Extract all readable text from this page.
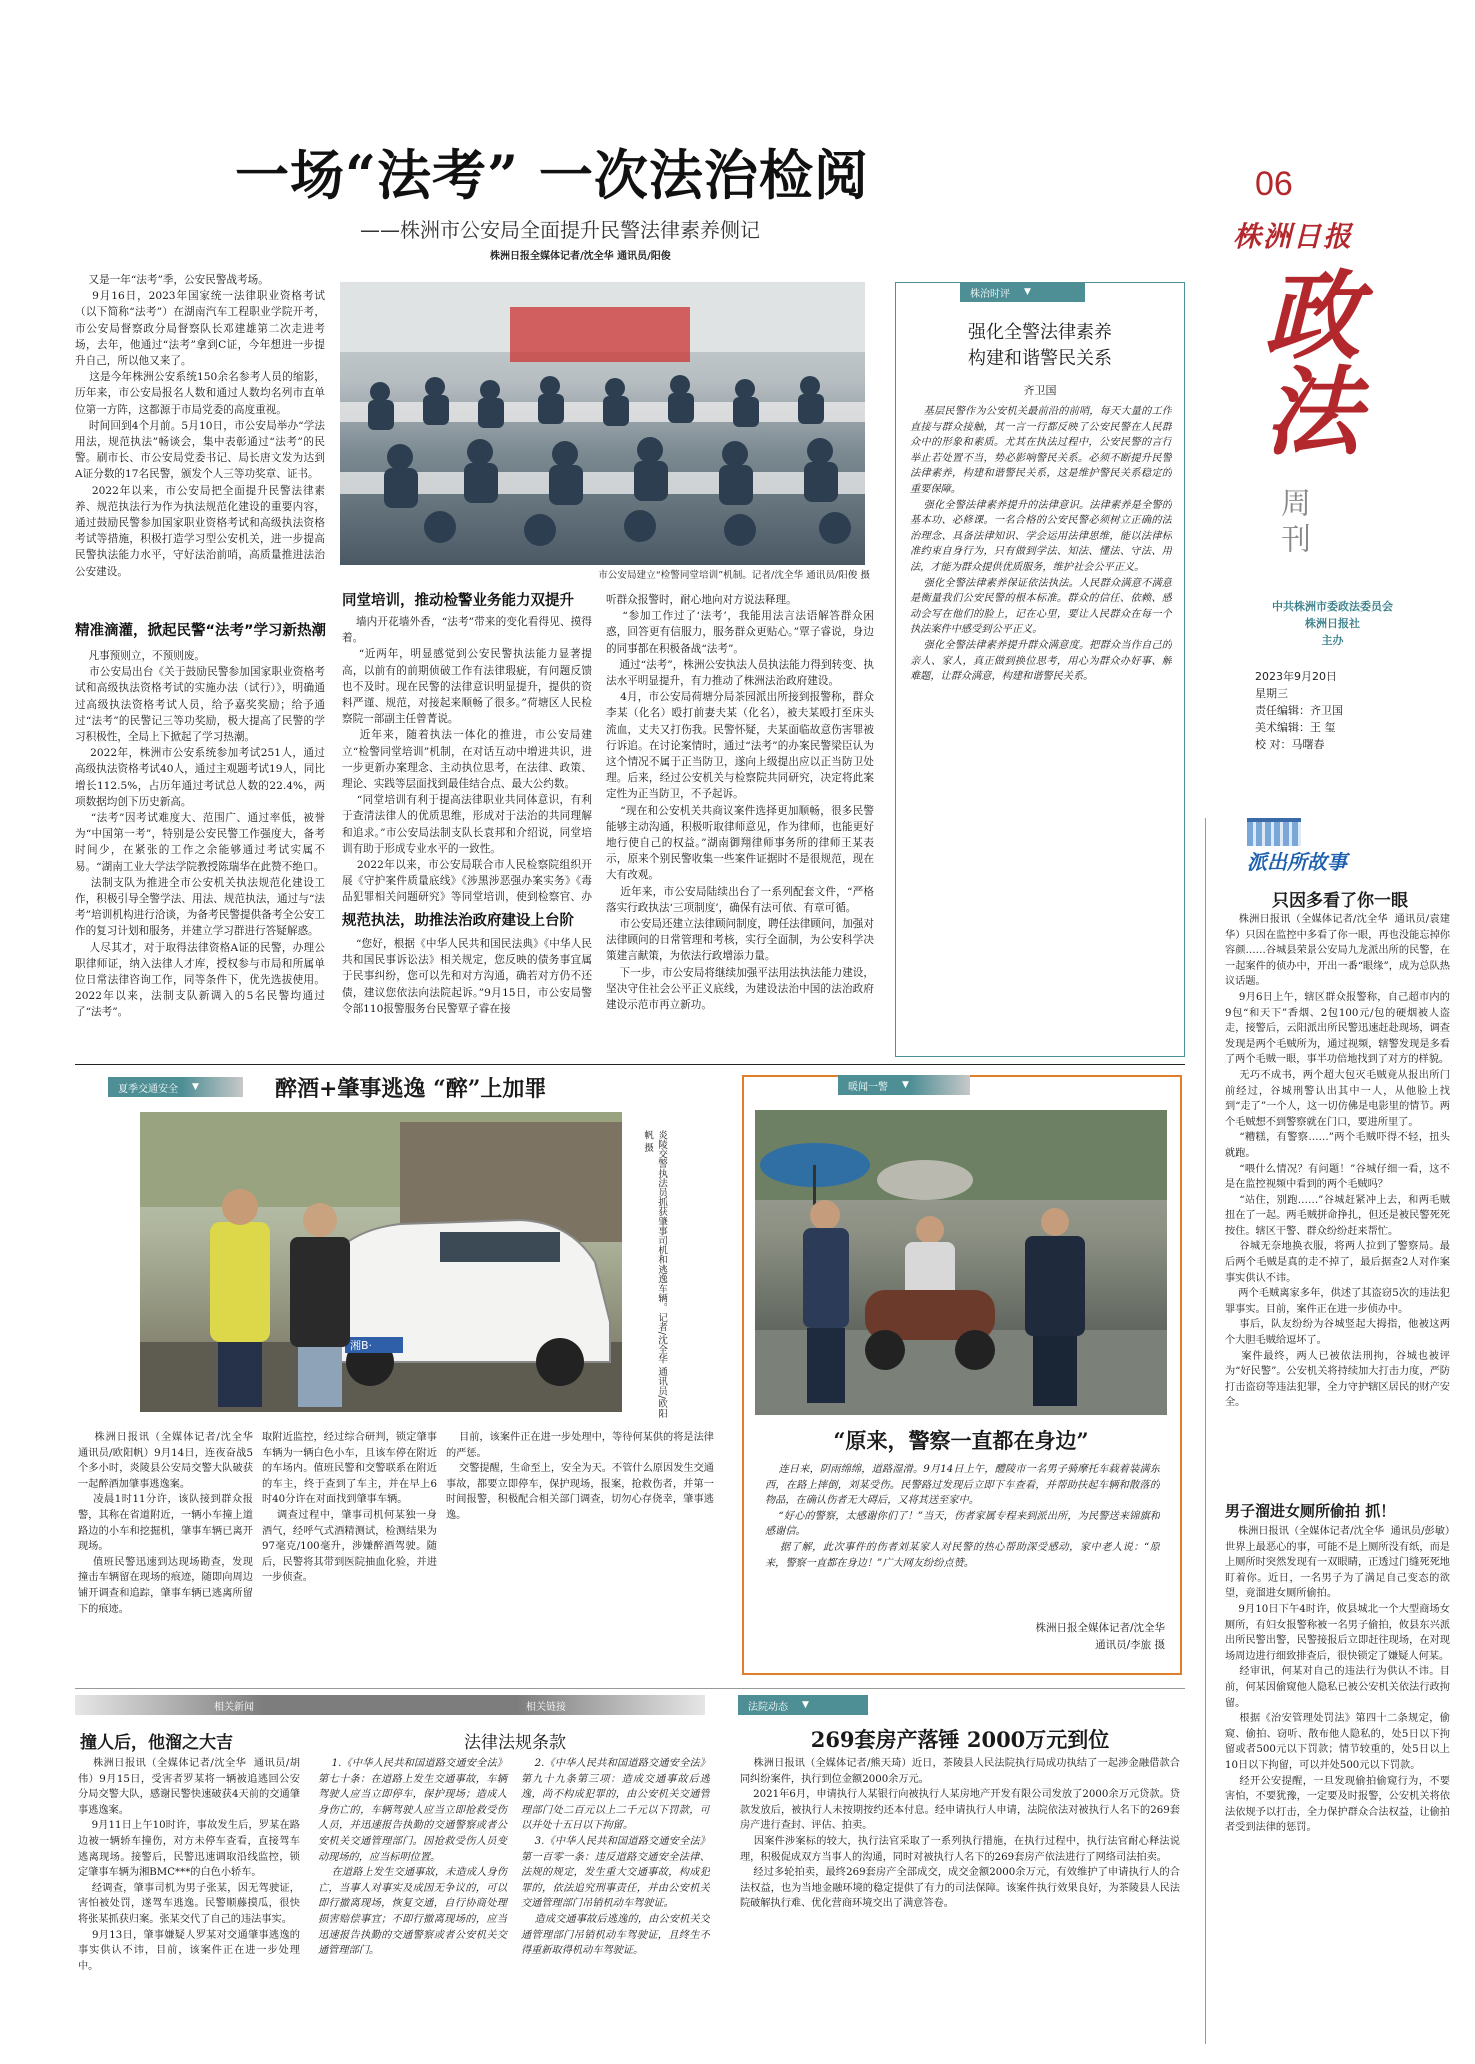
06
株洲日报
政法
周刊
中共株洲市委政法委员会
株洲日报社
主办
2023年9月20日
星期三
责任编辑：齐卫国
美术编辑：王 玺
校 对：马曙春
一场“法考” 一次法治检阅
——株洲市公安局全面提升民警法律素养侧记
株洲日报全媒体记者/沈全华 通讯员/阳俊
又是一年“法考”季，公安民警战考场。
9月16日，2023年国家统一法律职业资格考试（以下简称“法考”）在湖南汽车工程职业学院开考，市公安局督察政分局督察队长邓建雄第二次走进考场，去年，他通过“法考”拿到C证，今年想进一步提升自己，所以他又来了。
这是今年株洲公安系统150余名参考人员的缩影，历年来，市公安局报名人数和通过人数均名列市直单位第一方阵，这都源于市局党委的高度重视。
时间回到4个月前。5月10日，市公安局举办“学法用法，规范执法”畅谈会，集中表彰通过“法考”的民警。刷市长、市公安局党委书记、局长唐文发为达到A证分数的17名民警，颁发个人三等功奖章、证书。
2022年以来，市公安局把全面提升民警法律素养、规范执法行为作为执法规范化建设的重要内容，通过鼓励民警参加国家职业资格考试和高级执法资格考试等措施，积极打造学习型公安机关，进一步提高民警执法能力水平，守好法治前哨，高质量推进法治公安建设。
精准滴灌，掀起民警“法考”学习新热潮
凡事预则立，不预则废。
市公安局出台《关于鼓励民警参加国家职业资格考试和高级执法资格考试的实施办法（试行）》，明确通过高级执法资格考试人员，给予嘉奖奖励；给予通过“法考”的民警记三等功奖励，极大提高了民警的学习积极性，全局上下掀起了学习热潮。
2022年，株洲市公安系统参加考试251人，通过高级执法资格考试40人，通过主观题考试19人，同比增长112.5%，占历年通过考试总人数的22.4%，两项数据均创下历史新高。
“法考”因考试难度大、范围广、通过率低，被誉为“中国第一考”，特别是公安民警工作强度大，备考时间少，在紧张的工作之余能够通过考试实属不易。“湖南工业大学法学院教授陈瑞华在此赞不绝口。
法制支队为推进全市公安机关执法规范化建设工作，积极引导全警学法、用法、规范执法，通过与“法考”培训机构进行洽谈，为备考民警提供备考全公安工作的复习计划和服务，并建立学习群进行答疑解惑。
人尽其才，对于取得法律资格A证的民警，办理公职律师证，纳入法律人才库，授权参与市局和所属单位日常法律咨询工作，同等条件下，优先选拔使用。2022年以来，法制支队新调入的5名民警均通过了“法考”。
市公安局建立“检警同堂培训”机制。记者/沈全华 通讯员/阳俊 摄
同堂培训，推动检警业务能力双提升
墙内开花墙外香，“法考”带来的变化看得见、摸得着。
“近两年，明显感觉到公安民警执法能力显著提高，以前有的前期侦破工作有法律瑕疵，有问题反馈也不及时。现在民警的法律意识明显提升，提供的资料严谨、规范，对接起来顺畅了很多。”荷塘区人民检察院一部副主任曾菁说。
近年来，随着执法一体化的推进，市公安局建立“检警同堂培训”机制，在对话互动中增进共识，进一步更新办案理念、主动执位思考，在法律、政策、理论、实践等层面找到最佳结合点、最大公约数。
“同堂培训有利于提高法律职业共同体意识，有利于查清法律人的优质思维，形成对于法治的共同理解和追求。”市公安局法制支队长袁邦和介绍说，同堂培训有助于形成专业水平的一致性。
2022年以来，市公安局联合市人民检察院组织开展《守护案件质量底线》《涉黑涉恶强办案实务》《毒品犯罪相关问题研究》等同堂培训，使到检察官、办
规范执法，助推法治政府建设上台阶
“您好，根据《中华人民共和国民法典》《中华人民共和国民事诉讼法》相关规定，您反映的债务事宜属于民事纠纷，您可以先和对方沟通，确若对方仍不还债，建议您依法向法院起诉。”9月15日，市公安局警令部110报警服务台民警覃子睿在接
听群众报警时，耐心地向对方说法释理。
“参加工作过了‘法考’，我能用法言法语解答群众困惑，回答更有信服力，服务群众更贴心。”覃子睿说，身边的同事都在积极备战“法考”。
通过“法考”，株洲公安执法人员执法能力得到转变、执法水平明显提升，有力推动了株洲法治政府建设。
4月，市公安局荷塘分局茶园派出所接到报警称，群众李某（化名）殴打前妻夫某（化名），被夫某殴打至床头流血，丈夫又打伤我。民警怀疑，夫某面临故意伤害罪被行诉追。在讨论案情时，通过“法考”的办案民警梁臣认为这个情况不属于正当防卫，遂向上级提出应以正当防卫处理。后来，经过公安机关与检察院共同研究，决定将此案定性为正当防卫，不予起诉。
“现在和公安机关共商议案件选择更加顺畅，很多民警能够主动沟通，积极听取律师意见，作为律师，也能更好地行使自己的权益。”湖南御翔律师事务所的律师王某表示，原来个别民警收集一些案件证据时不是很规范，现在大有改观。
近年来，市公安局陆续出台了一系列配套文件，“严格落实行政执法‘三项制度’，确保有法可依、有章可循。
市公安局还建立法律顾问制度，聘任法律顾问，加强对法律顾问的日常管理和考核，实行全面制，为公安科学决策建言献策，为依法行政增添力量。
下一步，市公安局将继续加强平法用法执法能力建设，坚决守住社会公平正义底线，为建设法治中国的法治政府建设示范市再立新功。
株治时评 ▼
强化全警法律素养
构建和谐警民关系
齐卫国
基层民警作为公安机关最前沿的前哨，每天大量的工作直接与群众接触，其一言一行都反映了公安民警在人民群众中的形象和素质。尤其在执法过程中，公安民警的言行举止若处置不当，势必影响警民关系。必须不断提升民警法律素养，构建和谐警民关系，这是维护警民关系稳定的重要保障。
强化全警法律素养提升的法律意识。法律素养是全警的基本功、必修课。一名合格的公安民警必须树立正确的法治理念、具备法律知识、学会运用法律思维，能以法律标准约束自身行为，只有做到学法、知法、懂法、守法、用法，才能为群众提供优质服务，维护社会公平正义。
强化全警法律素养保证依法执法。人民群众满意不满意是衡量我们公安民警的根本标准。群众的信任、依赖、感动会写在他们的脸上，记在心里，要让人民群众在每一个执法案件中感受到公平正义。
强化全警法律素养提升群众满意度。把群众当作自己的亲人、家人，真正做到换位思考，用心为群众办好事、解难题，让群众满意，构建和谐警民关系。
派出所故事
只因多看了你一眼
株洲日报讯（全媒体记者/沈全华  通讯员/袁建华）只因在监控中多看了你一眼，再也没能忘掉你容颜……谷城县荣景公安局九龙派出所的民警，在一起案件的侦办中，开出一番“眼缘”，成为总队热议话题。
9月6日上午，辖区群众报警称，自己超市内的9包“和天下”香烟、2包100元/包的硬烟被人盗走，接警后，云阳派出所民警迅速赶赴现场，调查发现是两个毛贼所为，通过视频，辖警发现是多看了两个毛贼一眼，事半功倍地找到了对方的样貌。
无巧不成书，两个超大包灭毛贼竟从报出所门前经过，谷城刑警认出其中一人，从他脸上找到“走了”一个人，这一切仿佛是电影里的情节。两个毛贼想不到警察就在门口，要进所里了。
“糟糕，有警察……”两个毛贼吓得不轻，扭头就跑。
“喂什么情况？有问题！”谷城仔细一看，这不是在监控视频中看到的两个毛贼吗？
“站住，别跑……”谷城赶紧冲上去，和两毛贼扭在了一起。两毛贼拼命挣扎，但还是被民警死死按住。辖区干警、群众纷纷赶来帮忙。
谷城无奈地换衣服，将两人拉到了警察局。最后两个毛贼是真的走不掉了，最后据查2人对作案事实供认不讳。
两个毛贼离家多年，供述了其盗窃5次的违法犯罪事实。目前，案件正在进一步侦办中。
事后，队友纷纷为谷城竖起大拇指，他被这两个大胆毛贼给逗坏了。
案件最终，两人已被依法刑拘，谷城也被评为“好民警”。公安机关将持续加大打击力度，严防打击盗窃等违法犯罪，全力守护辖区居民的财产安全。
男子溜进女厕所偷拍 抓！
株洲日报讯（全媒体记者/沈全华  通讯员/彭敏）世界上最恶心的事，可能不是上厕所没有纸，而是上厕所时突然发现有一双眼睛，正透过门缝死死地盯着你。近日，一名男子为了满足自己变态的欲望，竟溜进女厕所偷拍。
9月10日下午4时许，攸县城北一个大型商场女厕所，有妇女报警称被一名男子偷拍，攸县东兴派出所民警出警，民警接报后立即赶往现场，在对现场周边进行细致排查后，很快锁定了嫌疑人何某。
经审讯，何某对自己的违法行为供认不讳。目前，何某因偷窥他人隐私已被公安机关依法行政拘留。
根据《治安管理处罚法》第四十二条规定，偷窥、偷拍、窃听、散布他人隐私的，处5日以下拘留或者500元以下罚款；情节较重的，处5日以上10日以下拘留，可以并处500元以下罚款。
经开公安提醒，一旦发现偷拍偷窥行为，不要害怕，不要犹豫，一定要及时报警，公安机关将依法依规予以打击，全力保护群众合法权益，让偷拍者受到法律的惩罚。
夏季交通安全 ▼	醉酒+肇事逃逸 “醉”上加罪
湘B·	炎陵交警执法员抓获肇事司机和逃逸车辆。记者/沈全华 通讯员/欧阳帆 摄
株洲日报讯（全媒体记者/沈全华  通讯员/欧阳帆）9月14日，连夜奋战5个多小时，炎陵县公安局交警大队破获一起醉酒加肇事逃逸案。
凌晨1时11分许，该队接到群众报警，其称在省道附近，一辆小车撞上道路边的小车和挖掘机，肇事车辆已离开现场。
值班民警迅速到达现场勘查，发现撞击车辆留在现场的痕迹，随即向周边铺开调查和追踪，肇事车辆已逃离所留下的痕迹。
取附近监控，经过综合研判，锁定肇事车辆为一辆白色小车，且该车停在附近的车场内。值班民警和交警联系在附近的车主，终于查到了车主，并在早上6时40分许在对面找到肇事车辆。
调查过程中，肇事司机何某独一身酒气，经呼气式酒精测试，检测结果为97毫克/100毫升，涉嫌醉酒驾驶。随后，民警将其带到医院抽血化验，并进一步侦查。
目前，该案件正在进一步处理中，等待何某供的将是法律的严惩。
交警提醒，生命至上，安全为天。不管什么原因发生交通事故，都要立即停车，保护现场，报案，抢救伤者，并第一时间报警，积极配合相关部门调查，切勿心存侥幸，肇事逃逸。
暖闻一警 ▼
“原来，警察一直都在身边”
连日来，阴雨绵绵，道路湿滑。9月14日上午，醴陵市一名男子骑摩托车载着装满东西，在路上摔倒，刘某受伤。民警路过发现后立即下车查看，并帮助扶起车辆和散落的物品，在确认伤者无大碍后，又将其送至家中。
“好心的警察，太感谢你们了！”当天，伤者家属专程来到派出所，为民警送来锦旗和感谢信。
据了解，此次事件的伤者刘某家人对民警的热心帮助深受感动，家中老人说：“原来，警察一直都在身边！”广大网友纷纷点赞。
株洲日报全媒体记者/沈全华
通讯员/李旅 摄
相关新闻	相关链接
撞人后，他溜之大吉
株洲日报讯（全媒体记者/沈全华  通讯员/胡伟）9月15日，受害者罗某将一辆被追逃回公安分局交警大队，感谢民警快速破获4天前的交通肇事逃逸案。
9月11日上午10时许，事故发生后，罗某在路边被一辆轿车撞伤，对方未停车查看，直接驾车逃离现场。接警后，民警迅速调取沿线监控，锁定肇事车辆为湘BMC***的白色小轿车。
经调查，肇事司机为男子张某，因无驾驶证，害怕被处罚，遂驾车逃逸。民警顺藤摸瓜，很快将张某抓获归案。张某交代了自己的违法事实。
9月13日，肇事嫌疑人罗某对交通肇事逃逸的事实供认不讳，目前，该案件正在进一步处理中。
法律法规条款
1.《中华人民共和国道路交通安全法》第七十条：在道路上发生交通事故，车辆驾驶人应当立即停车，保护现场；造成人身伤亡的，车辆驾驶人应当立即抢救受伤人员，并迅速报告执勤的交通警察或者公安机关交通管理部门。因抢救受伤人员变动现场的，应当标明位置。
在道路上发生交通事故，未造成人身伤亡，当事人对事实及成因无争议的，可以即行撤离现场，恢复交通，自行协商处理损害赔偿事宜；不即行撤离现场的，应当迅速报告执勤的交通警察或者公安机关交通管理部门。
2.《中华人民共和国道路交通安全法》第九十九条第三项：造成交通事故后逃逸，尚不构成犯罪的，由公安机关交通管理部门处二百元以上二千元以下罚款，可以并处十五日以下拘留。
3.《中华人民共和国道路交通安全法》第一百零一条：违反道路交通安全法律、法规的规定，发生重大交通事故，构成犯罪的，依法追究刑事责任，并由公安机关交通管理部门吊销机动车驾驶证。
造成交通事故后逃逸的，由公安机关交通管理部门吊销机动车驾驶证，且终生不得重新取得机动车驾驶证。
法院动态 ▼
269套房产落锤 2000万元到位
株洲日报讯（全媒体记者/熊天琦）近日，茶陵县人民法院执行局成功执结了一起涉金融借款合同纠纷案件，执行到位金额2000余万元。
2021年6月，申请执行人某银行向被执行人某房地产开发有限公司发放了2000余万元贷款。贷款发放后，被执行人未按期按约还本付息。经申请执行人申请，法院依法对被执行人名下的269套房产进行查封、评估、拍卖。
因案件涉案标的较大，执行法官采取了一系列执行措施，在执行过程中，执行法官耐心释法说理，积极促成双方当事人的沟通，同时对被执行人名下的269套房产依法进行了网络司法拍卖。
经过多轮拍卖，最终269套房产全部成交，成交金额2000余万元，有效维护了申请执行人的合法权益，也为当地金融环境的稳定提供了有力的司法保障。该案件执行效果良好，为茶陵县人民法院破解执行难、优化营商环境交出了满意答卷。
